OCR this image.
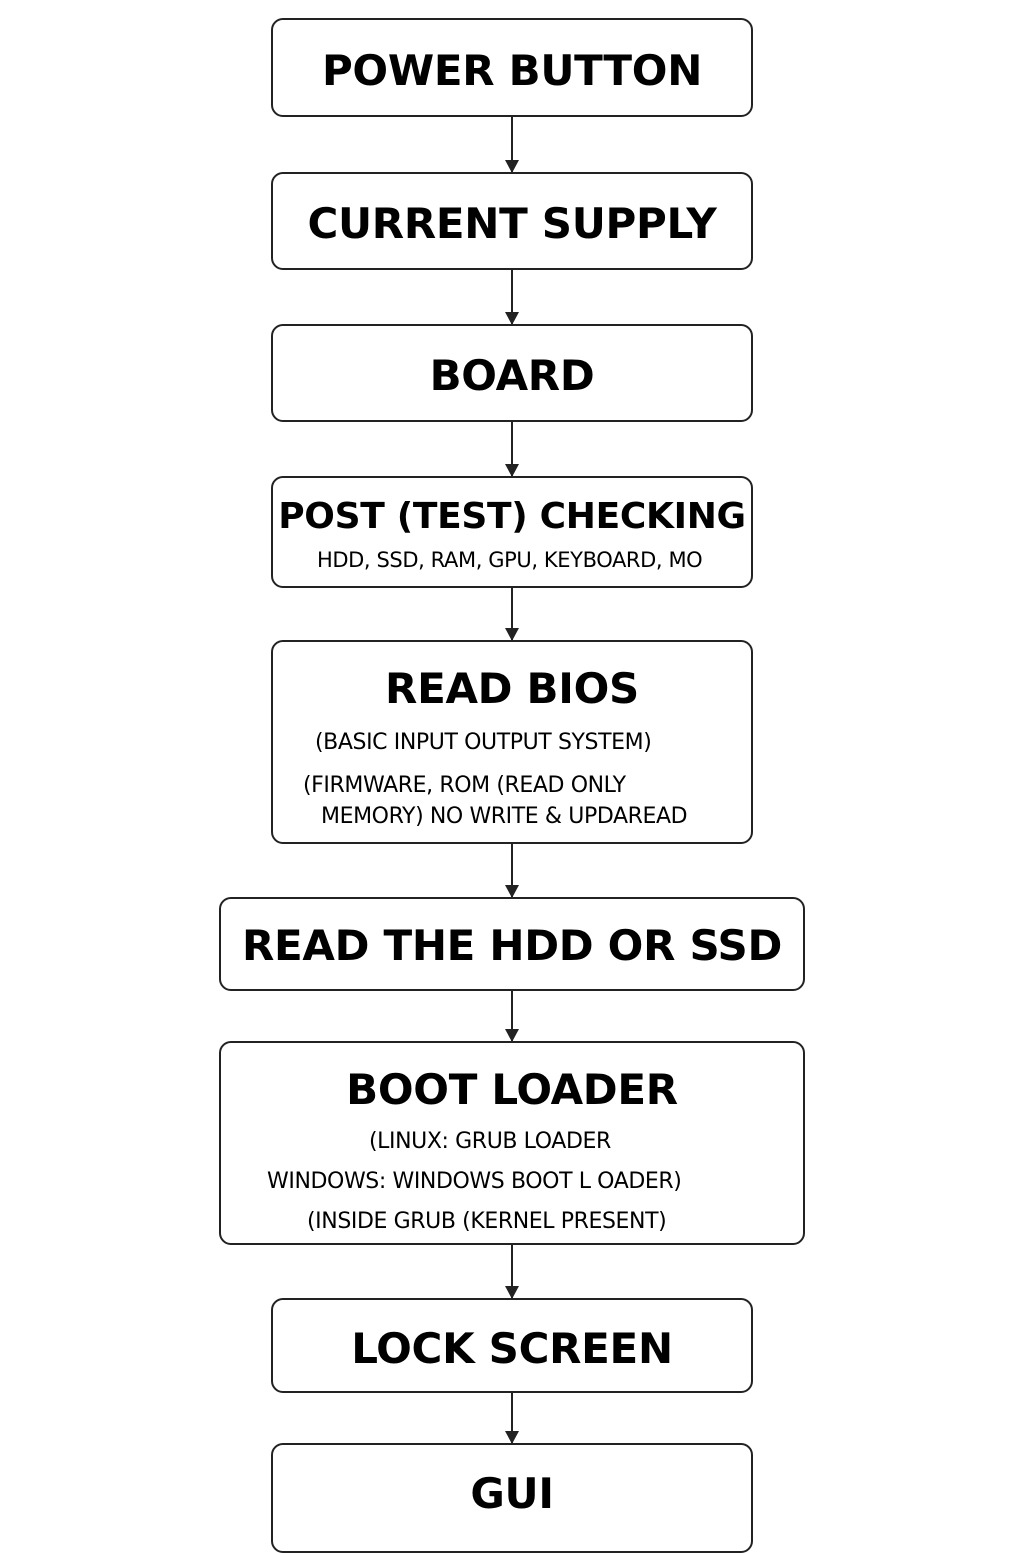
POWER BUTTON
CURRENT SUPPLY
BOARD
POST (TEST) CHECKING
HDD, SSD, RAM, GPU, KEYBOARD, MO
READ BIOS
(BASIC INPUT OUTPUT SYSTEM)
(FIRMWARE, ROM (READ ONLY
MEMORY) NO WRITE & UPDAREAD
READ THE HDD OR SSD
BOOT LOADER
(LINUX: GRUB LOADER
WINDOWS: WINDOWS BOOT L OADER)
(INSIDE GRUB (KERNEL PRESENT)
LOCK SCREEN
GUI
